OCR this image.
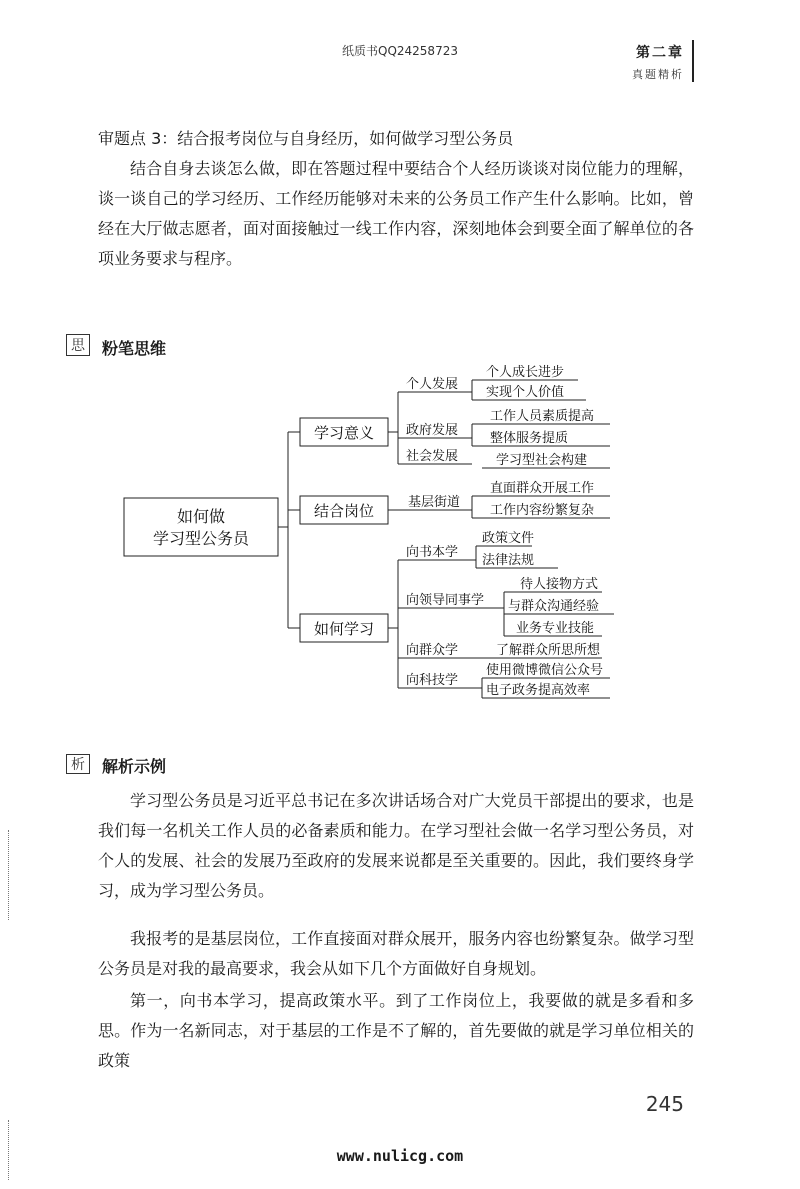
纸质书QQ24258723	第二章
真题精析
审题点 3：结合报考岗位与自身经历，如何做学习型公务员
结合自身去谈怎么做，即在答题过程中要结合个人经历谈谈对岗位能力的理解，谈一谈自己的学习经历、工作经历能够对未来的公务员工作产生什么影响。比如，曾经在大厅做志愿者，面对面接触过一线工作内容，深刻地体会到要全面了解单位的各项业务要求与程序。
思	粉笔思维
如何做
学习型公务员
学习意义
结合岗位
如何学习
个人发展
政府发展
社会发展
个人成长进步
实现个人价值
工作人员素质提高
整体服务提质
学习型社会构建
基层街道
直面群众开展工作
工作内容纷繁复杂
向书本学
向领导同事学
向群众学
向科技学
政策文件
法律法规
待人接物方式
与群众沟通经验
业务专业技能
了解群众所思所想
使用微博微信公众号
电子政务提高效率
析	解析示例
学习型公务员是习近平总书记在多次讲话场合对广大党员干部提出的要求，也是我们每一名机关工作人员的必备素质和能力。在学习型社会做一名学习型公务员，对个人的发展、社会的发展乃至政府的发展来说都是至关重要的。因此，我们要终身学习，成为学习型公务员。
我报考的是基层岗位，工作直接面对群众展开，服务内容也纷繁复杂。做学习型公务员是对我的最高要求，我会从如下几个方面做好自身规划。
第一，向书本学习，提高政策水平。到了工作岗位上，我要做的就是多看和多思。作为一名新同志，对于基层的工作是不了解的，首先要做的就是学习单位相关的政策
245
www.nulicg.com
